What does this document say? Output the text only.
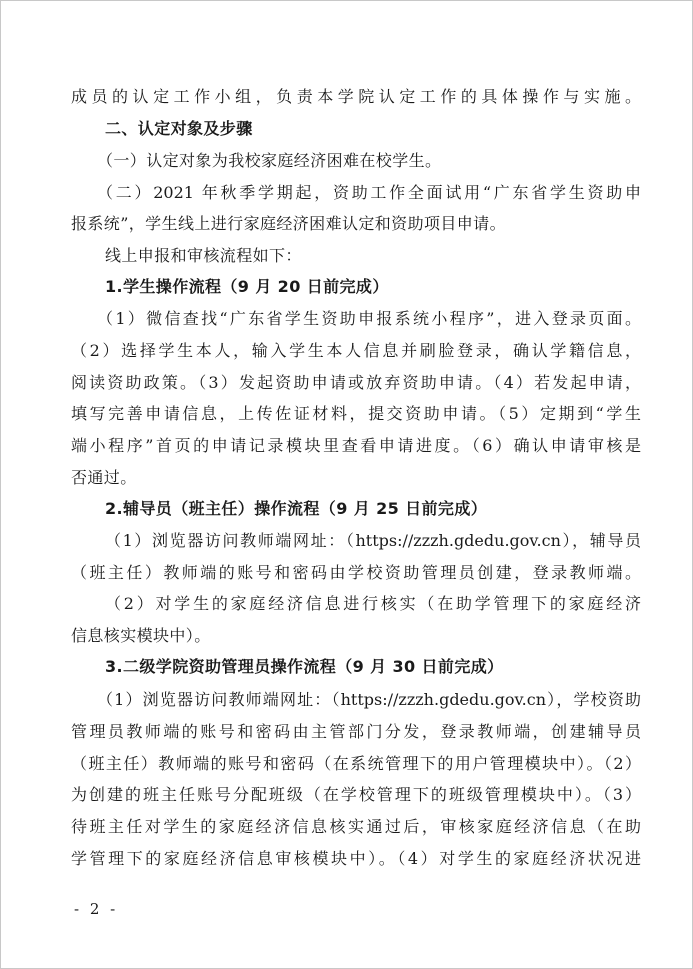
成员的认定工作小组，负责本学院认定工作的具体操作与实施。
二、认定对象及步骤
（一）认定对象为我校家庭经济困难在校学生。
（二）2021 年秋季学期起，资助工作全面试用“广东省学生资助申
报系统”，学生线上进行家庭经济困难认定和资助项目申请。
线上申报和审核流程如下：
1.学生操作流程（9 月 20 日前完成）
（1）微信查找“广东省学生资助申报系统小程序”，进入登录页面。
（2）选择学生本人，输入学生本人信息并刷脸登录，确认学籍信息，
阅读资助政策。（3）发起资助申请或放弃资助申请。（4）若发起申请，
填写完善申请信息，上传佐证材料，提交资助申请。（5）定期到“学生
端小程序”首页的申请记录模块里查看申请进度。（6）确认申请审核是
否通过。
2.辅导员（班主任）操作流程（9 月 25 日前完成）
（1）浏览器访问教师端网址：（https://zzzh.gdedu.gov.cn），辅导员
（班主任）教师端的账号和密码由学校资助管理员创建，登录教师端。
（2）对学生的家庭经济信息进行核实（在助学管理下的家庭经济
信息核实模块中）。
3.二级学院资助管理员操作流程（9 月 30 日前完成）
（1）浏览器访问教师端网址：（https://zzzh.gdedu.gov.cn），学校资助
管理员教师端的账号和密码由主管部门分发，登录教师端，创建辅导员
（班主任）教师端的账号和密码（在系统管理下的用户管理模块中）。（2）
为创建的班主任账号分配班级（在学校管理下的班级管理模块中）。（3）
待班主任对学生的家庭经济信息核实通过后，审核家庭经济信息（在助
学管理下的家庭经济信息审核模块中）。（4）对学生的家庭经济状况进
- 2 -
